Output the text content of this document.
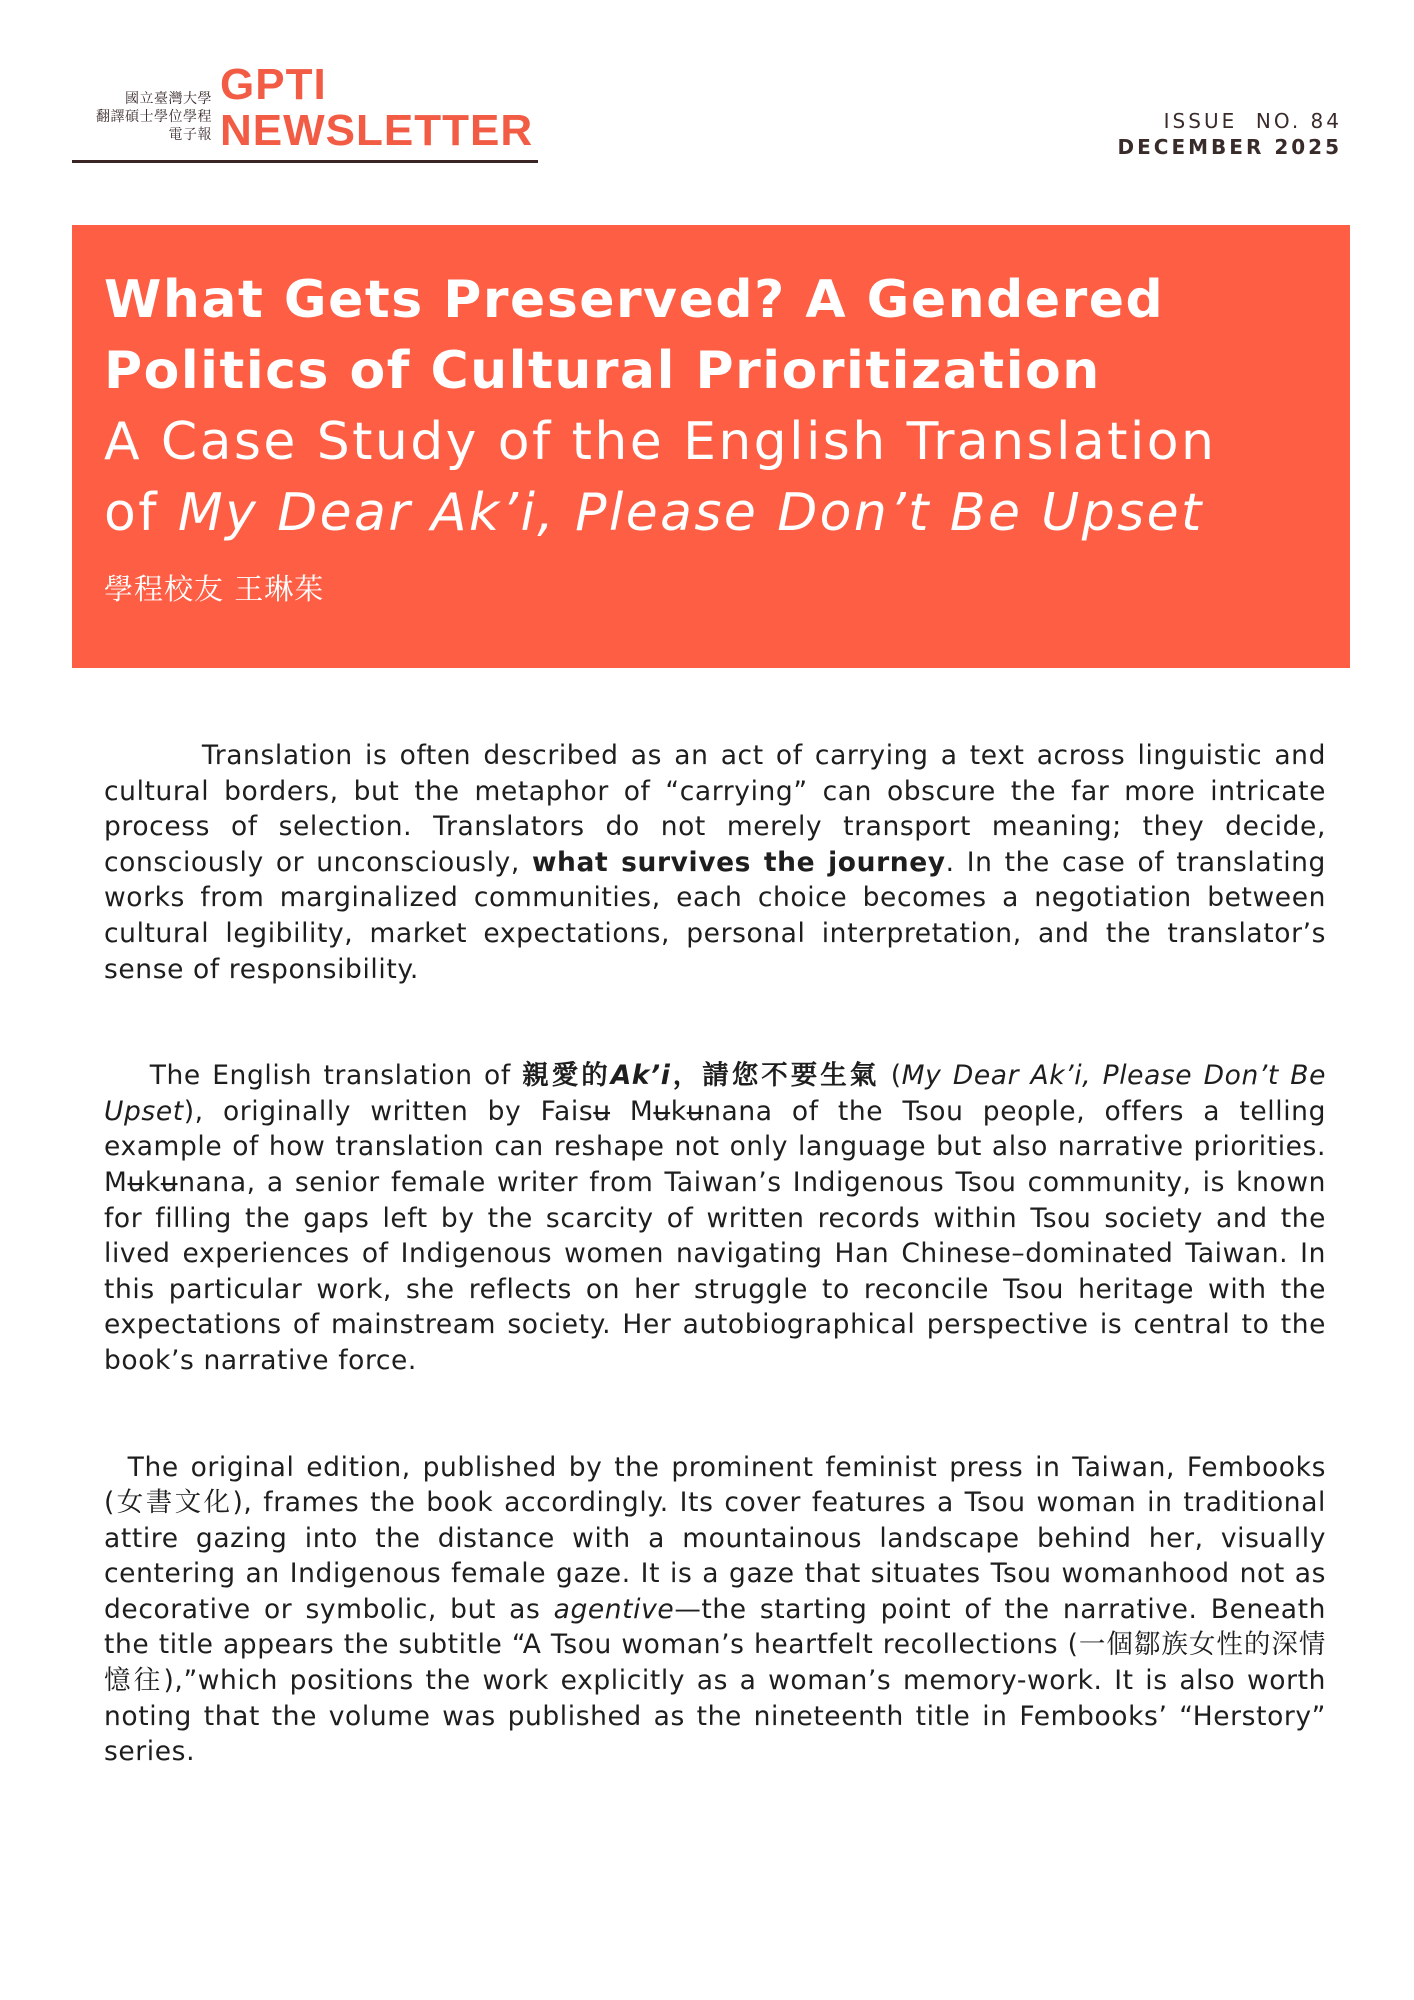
國立臺灣大學
翻譯碩士學位學程
電子報
GPTI
NEWSLETTER	ISSUE  NO. 84
DECEMBER 2025
What Gets Preserved? A Gendered
Politics of Cultural Prioritization
A Case Study of the English Translation
of My Dear Ak’i, Please Don’t Be Upset
學程校友 王琳茱

Translation is often described as an act of carrying a text across linguistic and cultural borders, but the metaphor of “carrying” can obscure the far more intricate process of selection. Translators do not merely transport meaning; they decide, consciously or unconsciously, what survives the journey. In the case of translating works from marginalized communities, each choice becomes a negotiation between cultural legibility, market expectations, personal interpretation, and the translator’s sense of responsibility.

The English translation of 親愛的Ak’i，請您不要生氣 (My Dear Ak’i, Please Don’t Be Upset), originally written by Faisʉ Mʉkʉnana of the Tsou people, offers a telling example of how translation can reshape not only language but also narrative priorities. Mʉkʉnana, a senior female writer from Taiwan’s Indigenous Tsou community, is known for filling the gaps left by the scarcity of written records within Tsou society and the lived experiences of Indigenous women navigating Han Chinese–dominated Taiwan. In this particular work, she reflects on her struggle to reconcile Tsou heritage with the expectations of mainstream society. Her autobiographical perspective is central to the book’s narrative force.

The original edition, published by the prominent feminist press in Taiwan, Fembooks (女書文化), frames the book accordingly. Its cover features a Tsou woman in traditional attire gazing into the distance with a mountainous landscape behind her, visually centering an Indigenous female gaze. It is a gaze that situates Tsou womanhood not as decorative or symbolic, but as agentive—the starting point of the narrative. Beneath the title appears the subtitle “A Tsou woman’s heartfelt recollections (一個鄒族女性的深情憶往),”which positions the work explicitly as a woman’s memory-work. It is also worth noting that the volume was published as the nineteenth title in Fembooks’ “Herstory” series.
